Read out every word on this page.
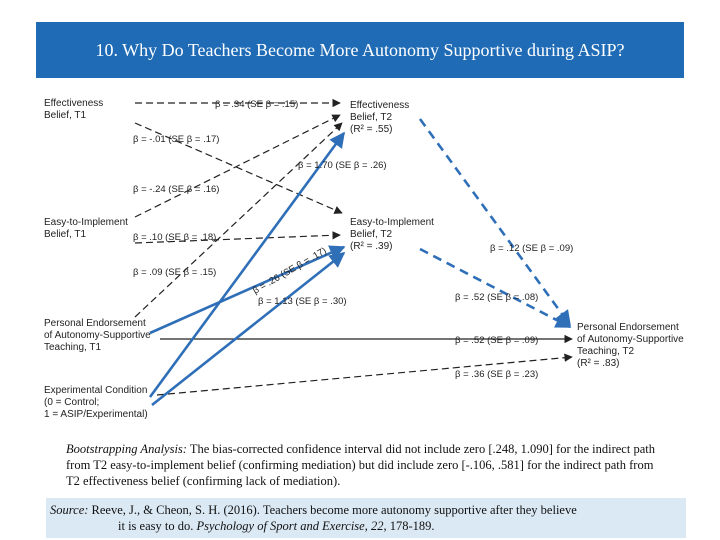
10. Why Do Teachers Become More Autonomy Supportive during ASIP?
Effectiveness
Belief, T1
Easy-to-Implement
Belief, T1
Personal Endorsement
of Autonomy-Supportive
Teaching, T1
Experimental Condition
(0 = Control;
1 = ASIP/Experimental)
Effectiveness
Belief, T2
(R² = .55)
Easy-to-Implement
Belief, T2
(R² = .39)
Personal Endorsement
of Autonomy-Supportive
Teaching, T2
(R² = .83)
β = .34 (SE β = .15)
β = -.01 (SE β = .17)
β = 1.70 (SE β = .26)
β = -.24 (SE β = .16)
β = .10 (SE β = .18)
β = .09 (SE β = .15)	β = .26 (SE β = .17)
β = 1.13 (SE β = .30)
β = .12 (SE β = .09)
β = .52 (SE β = .08)
β = .52 (SE β = .09)
β = .36 (SE β = .23)
Bootstrapping Analysis: The bias-corrected confidence interval did not include zero [.248, 1.090] for the indirect path from T2 easy-to-implement belief (confirming mediation) but did include zero [-.106, .581] for the indirect path from T2 effectiveness belief (confirming lack of mediation).
Source: Reeve, J., & Cheon, S. H. (2016). Teachers become more autonomy supportive after they believe
it is easy to do. Psychology of Sport and Exercise, 22, 178-189.
